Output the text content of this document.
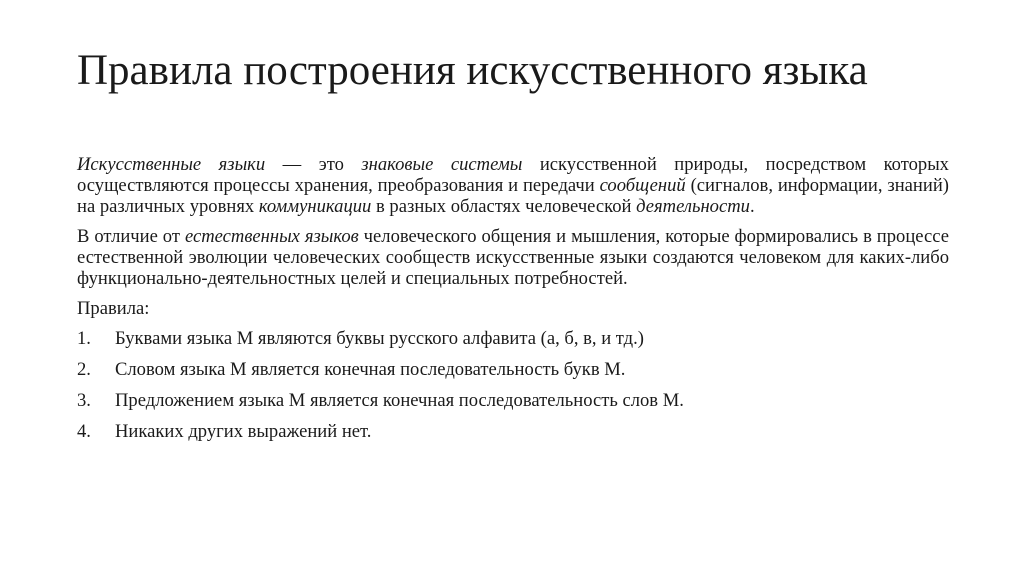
Правила построения искусственного языка

Искусственные языки — это знаковые системы искусственной природы, посредством которых осуществляются процессы хранения, преобразования и передачи сообщений (сигналов, информации, знаний) на различных уровнях коммуникации в разных областях человеческой деятельности.

В отличие от естественных языков человеческого общения и мышления, которые формировались в процессе естественной эволюции человеческих сообществ искусственные языки создаются человеком для каких-либо функционально-деятельностных целей и специальных потребностей.

Правила:

1.	Буквами языка М являются буквы русского алфавита (а, б, в, и тд.)
2.	Словом языка М является конечная последовательность букв М.
3.	Предложением языка М является конечная последовательность слов М.
4.	Никаких других выражений нет.
